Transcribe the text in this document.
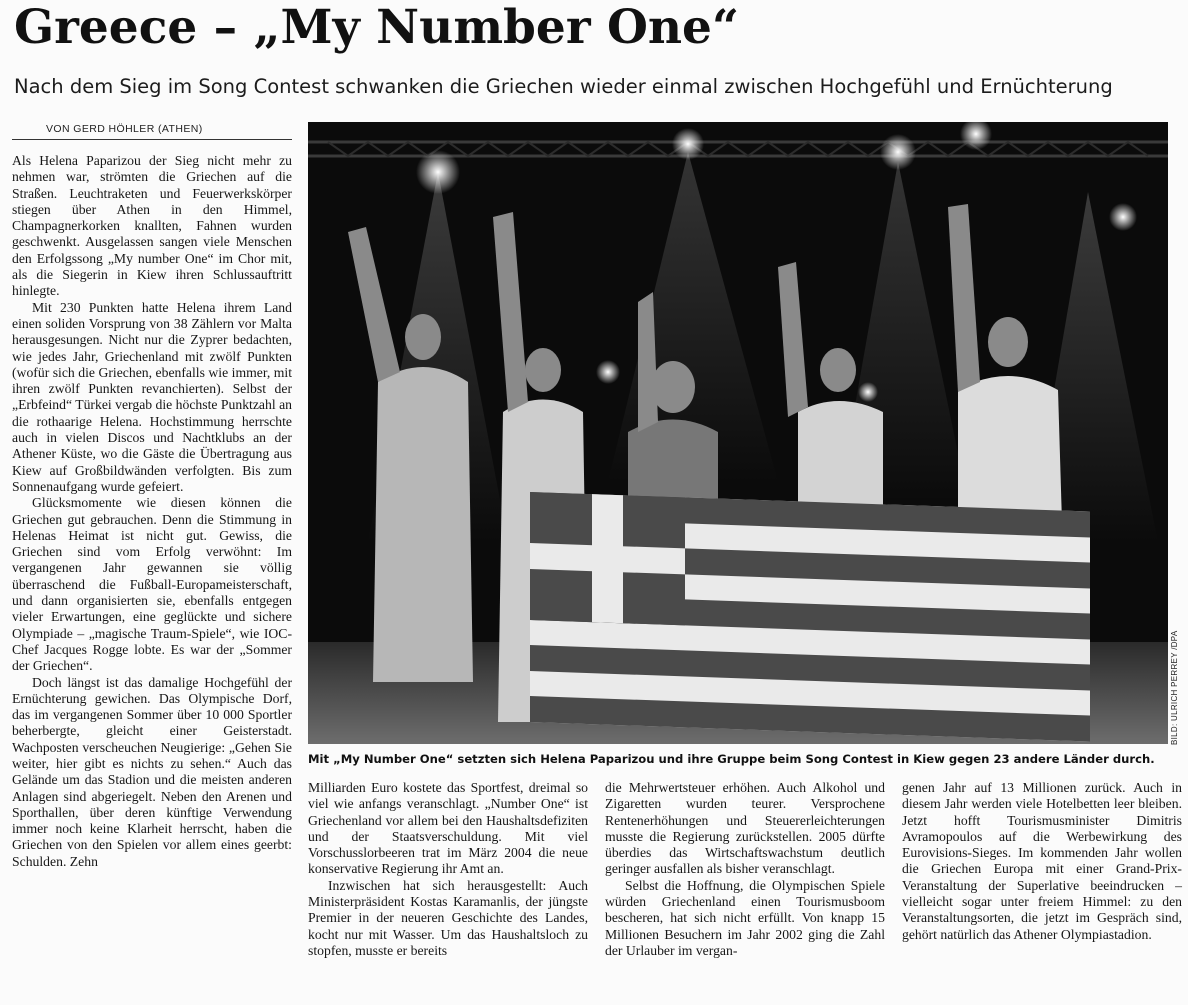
Greece – „My Number One“

Nach dem Sieg im Song Contest schwanken die Griechen wieder einmal zwischen Hochgefühl und Ernüchterung

VON GERD HÖHLER (ATHEN)

Als Helena Paparizou der Sieg nicht mehr zu nehmen war, strömten die Griechen auf die Straßen. Leuchtraketen und Feuerwerkskörper stiegen über Athen in den Himmel, Champagnerkorken knallten, Fahnen wurden geschwenkt. Ausgelassen sangen viele Menschen den Erfolgssong „My number One“ im Chor mit, als die Siegerin in Kiew ihren Schlussauftritt hinlegte.

Mit 230 Punkten hatte Helena ihrem Land einen soliden Vorsprung von 38 Zählern vor Malta herausgesungen. Nicht nur die Zyprer bedachten, wie jedes Jahr, Griechenland mit zwölf Punkten (wofür sich die Griechen, ebenfalls wie immer, mit ihren zwölf Punkten revanchierten). Selbst der „Erbfeind“ Türkei vergab die höchste Punktzahl an die rothaarige Helena. Hochstimmung herrschte auch in vielen Discos und Nachtklubs an der Athener Küste, wo die Gäste die Übertragung aus Kiew auf Großbildwänden verfolgten. Bis zum Sonnenaufgang wurde gefeiert.

Glücksmomente wie diesen können die Griechen gut gebrauchen. Denn die Stimmung in Helenas Heimat ist nicht gut. Gewiss, die Griechen sind vom Erfolg verwöhnt: Im vergangenen Jahr gewannen sie völlig überraschend die Fußball-Europameisterschaft, und dann organisierten sie, ebenfalls entgegen vieler Erwartungen, eine geglückte und sichere Olympiade – „magische Traum-Spiele“, wie IOC-Chef Jacques Rogge lobte. Es war der „Sommer der Griechen“.

Doch längst ist das damalige Hochgefühl der Ernüchterung gewichen. Das Olympische Dorf, das im vergangenen Sommer über 10 000 Sportler beherbergte, gleicht einer Geisterstadt. Wachposten verscheuchen Neugierige: „Gehen Sie weiter, hier gibt es nichts zu sehen.“ Auch das Gelände um das Stadion und die meisten anderen Anlagen sind abgeriegelt. Neben den Arenen und Sporthallen, über deren künftige Verwendung immer noch keine Klarheit herrscht, haben die Griechen von den Spielen vor allem eines geerbt: Schulden. Zehn

BILD: ULRICH PERREY /DPA

Mit „My Number One“ setzten sich Helena Paparizou und ihre Gruppe beim Song Contest in Kiew gegen 23 andere Länder durch.

Milliarden Euro kostete das Sportfest, dreimal so viel wie anfangs veranschlagt. „Number One“ ist Griechenland vor allem bei den Haushaltsdefiziten und der Staatsverschuldung. Mit viel Vorschusslorbeeren trat im März 2004 die neue konservative Regierung ihr Amt an.

Inzwischen hat sich herausgestellt: Auch Ministerpräsident Kostas Karamanlis, der jüngste Premier in der neueren Geschichte des Landes, kocht nur mit Wasser. Um das Haushaltsloch zu stopfen, musste er bereits

die Mehrwertsteuer erhöhen. Auch Alkohol und Zigaretten wurden teurer. Versprochene Rentenerhöhungen und Steuererleichterungen musste die Regierung zurückstellen. 2005 dürfte überdies das Wirtschaftswachstum deutlich geringer ausfallen als bisher veranschlagt.

Selbst die Hoffnung, die Olympischen Spiele würden Griechenland einen Tourismusboom bescheren, hat sich nicht erfüllt. Von knapp 15 Millionen Besuchern im Jahr 2002 ging die Zahl der Urlauber im vergan-

genen Jahr auf 13 Millionen zurück. Auch in diesem Jahr werden viele Hotelbetten leer bleiben. Jetzt hofft Tourismusminister Dimitris Avramopoulos auf die Werbewirkung des Eurovisions-Sieges. Im kommenden Jahr wollen die Griechen Europa mit einer Grand-Prix-Veranstaltung der Superlative beeindrucken – vielleicht sogar unter freiem Himmel: zu den Veranstaltungsorten, die jetzt im Gespräch sind, gehört natürlich das Athener Olympiastadion.
